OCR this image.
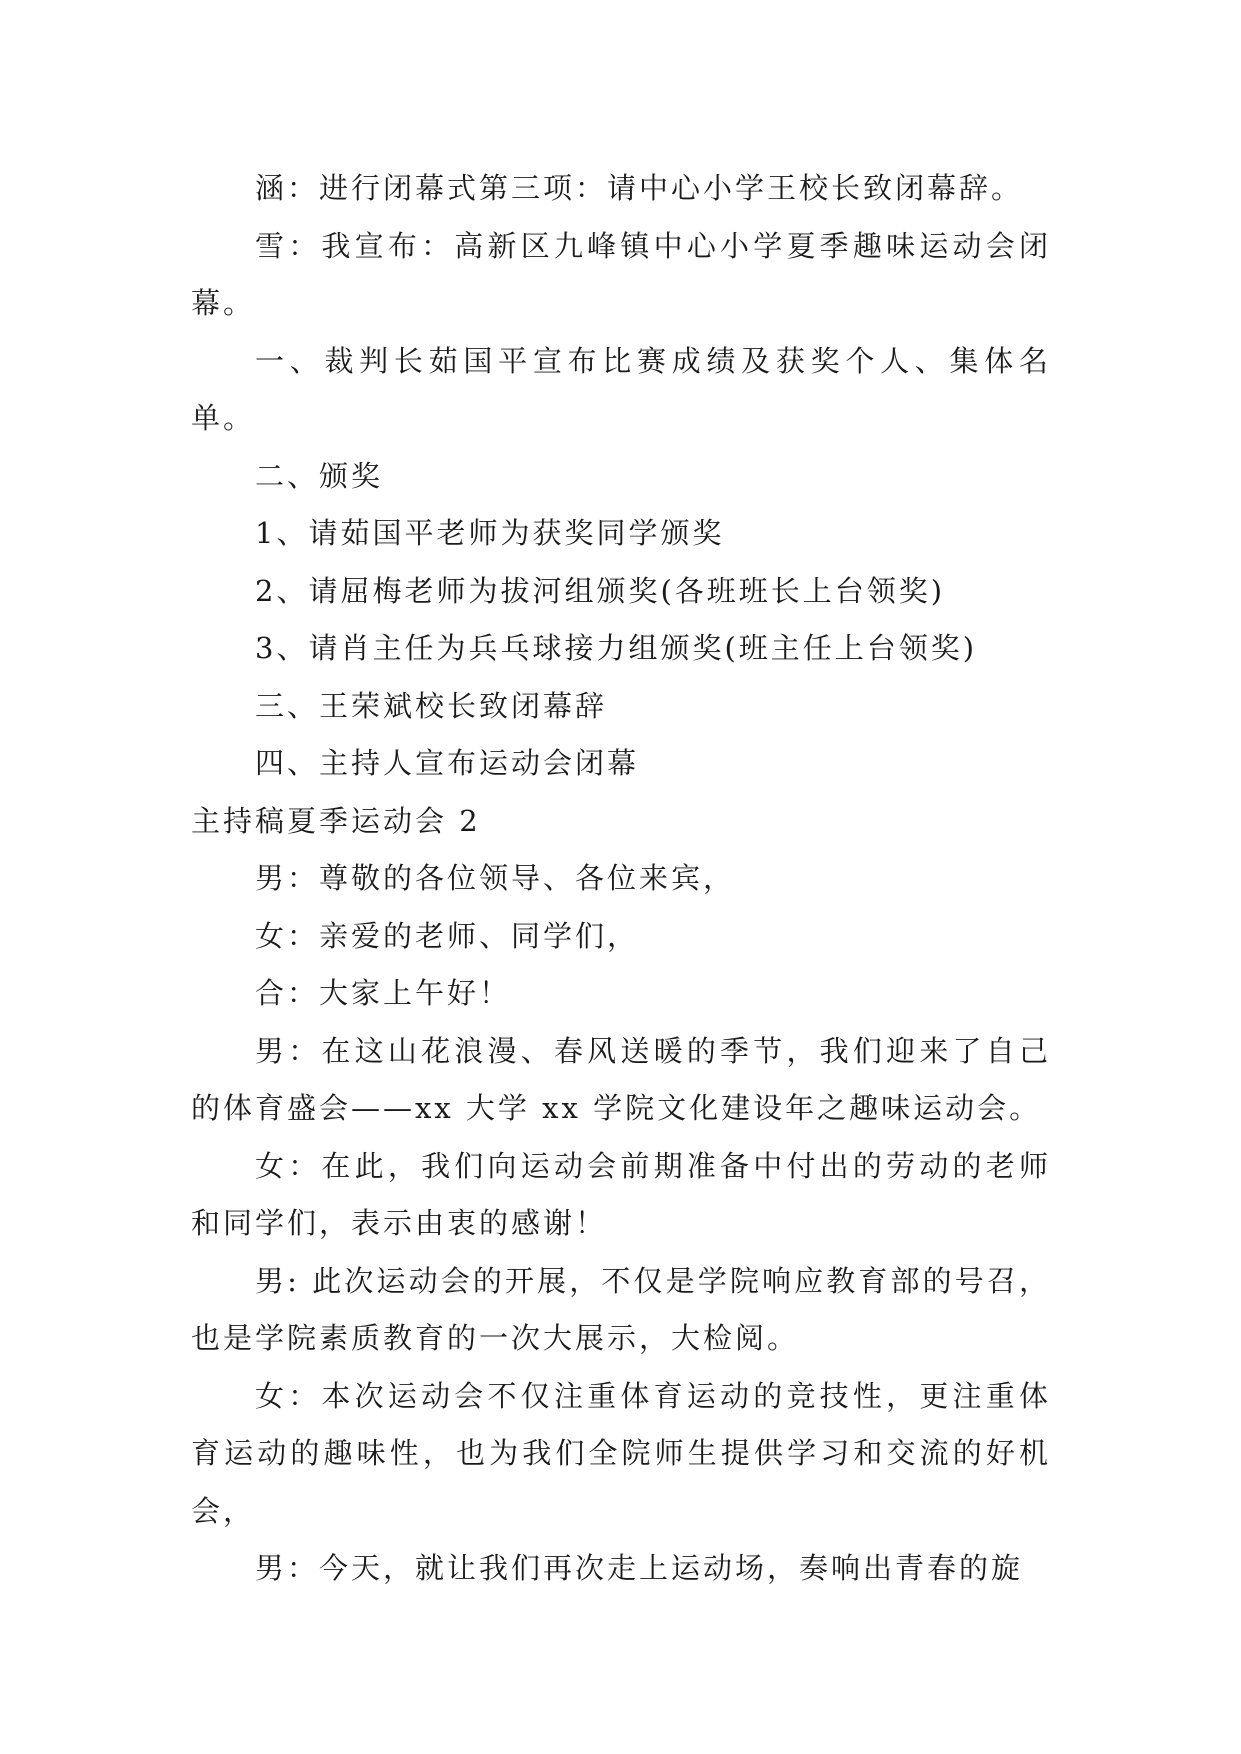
涵：进行闭幕式第三项：请中心小学王校长致闭幕辞。

雪：我宣布：高新区九峰镇中心小学夏季趣味运动会闭幕。

一、裁判长茹国平宣布比赛成绩及获奖个人、集体名单。

二、颁奖

1、请茹国平老师为获奖同学颁奖

2、请屈梅老师为拔河组颁奖(各班班长上台领奖)

3、请肖主任为兵乓球接力组颁奖(班主任上台领奖)

三、王荣斌校长致闭幕辞

四、主持人宣布运动会闭幕

主持稿夏季运动会 2

男：尊敬的各位领导、各位来宾，

女：亲爱的老师、同学们，

合：大家上午好！

男：在这山花浪漫、春风送暖的季节，我们迎来了自己的体育盛会——xx 大学 xx 学院文化建设年之趣味运动会。

女：在此，我们向运动会前期准备中付出的劳动的老师和同学们，表示由衷的感谢！

男: 此次运动会的开展，不仅是学院响应教育部的号召，也是学院素质教育的一次大展示，大检阅。

女：本次运动会不仅注重体育运动的竞技性，更注重体育运动的趣味性，也为我们全院师生提供学习和交流的好机会，

男：今天，就让我们再次走上运动场，奏响出青春的旋
